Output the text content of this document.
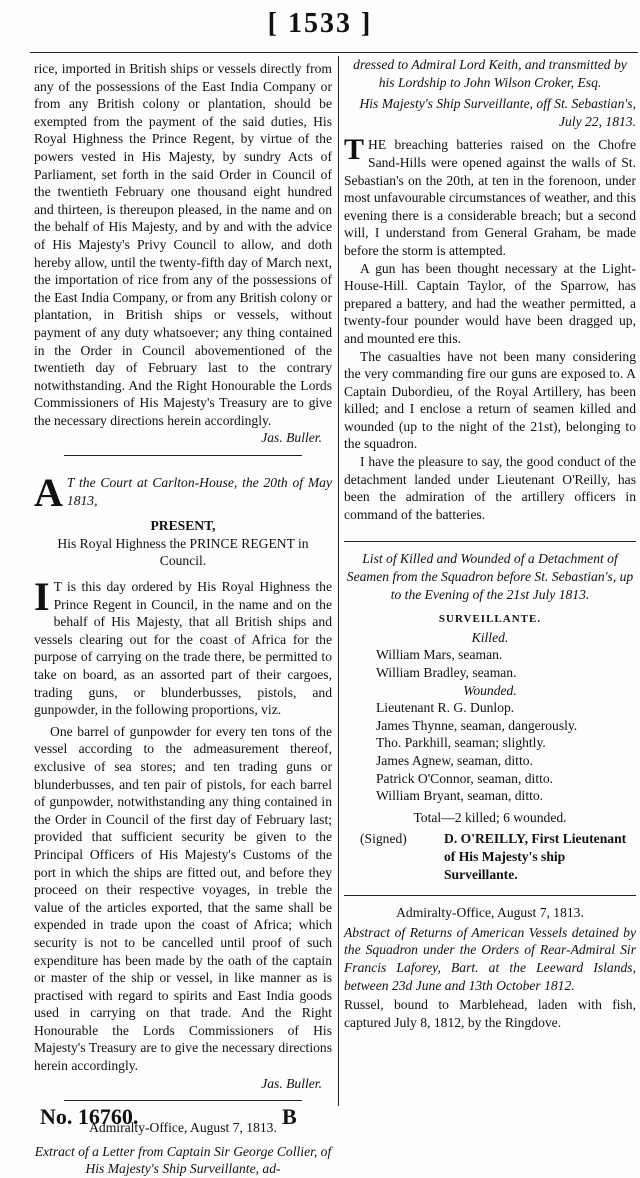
[ 1533 ]

rice, imported in British ships or vessels directly from any of the possessions of the East India Company or from any British colony or plantation, should be exempted from the payment of the said duties, His Royal Highness the Prince Regent, by virtue of the powers vested in His Majesty, by sundry Acts of Parliament, set forth in the said Order in Council of the twentieth February one thousand eight hundred and thirteen, is thereupon pleased, in the name and on the behalf of His Majesty, and by and with the advice of His Majesty's Privy Council to allow, and doth hereby allow, until the twenty-fifth day of March next, the importation of rice from any of the possessions of the East India Company, or from any British colony or plantation, in British ships or vessels, without payment of any duty whatsoever; any thing contained in the Order in Council abovementioned of the twentieth day of February last to the contrary notwithstanding. And the Right Honourable the Lords Commissioners of His Majesty's Treasury are to give the necessary directions herein accordingly.

Jas. Buller.

A T the Court at Carlton-House, the 20th of May 1813,

PRESENT,

His Royal Highness the PRINCE REGENT in Council.

I T is this day ordered by His Royal Highness the Prince Regent in Council, in the name and on the behalf of His Majesty, that all British ships and vessels clearing out for the coast of Africa for the purpose of carrying on the trade there, be permitted to take on board, as an assorted part of their cargoes, trading guns, or blunderbusses, pistols, and gunpowder, in the following proportions, viz.

One barrel of gunpowder for every ten tons of the vessel according to the admeasurement thereof, exclusive of sea stores; and ten trading guns or blunderbusses, and ten pair of pistols, for each barrel of gunpowder, notwithstanding any thing contained in the Order in Council of the first day of February last; provided that sufficient security be given to the Principal Officers of His Majesty's Customs of the port in which the ships are fitted out, and before they proceed on their respective voyages, in treble the value of the articles exported, that the same shall be expended in trade upon the coast of Africa; which security is not to be cancelled until proof of such expenditure has been made by the oath of the captain or master of the ship or vessel, in like manner as is practised with regard to spirits and East India goods used in carrying on that trade. And the Right Honourable the Lords Commissioners of His Majesty's Treasury are to give the necessary directions herein accordingly.

Jas. Buller.

Admiralty-Office, August 7, 1813.

Extract of a Letter from Captain Sir George Collier, of His Majesty's Ship Surveillante, ad-

dressed to Admiral Lord Keith, and transmitted by his Lordship to John Wilson Croker, Esq.

His Majesty's Ship Surveillante, off St. Sebastian's, July 22, 1813.

THE breaching batteries raised on the Chofre Sand-Hills were opened against the walls of St. Sebastian's on the 20th, at ten in the forenoon, under most unfavourable circumstances of weather, and this evening there is a considerable breach; but a second will, I understand from General Graham, be made before the storm is attempted.

A gun has been thought necessary at the Light-House-Hill. Captain Taylor, of the Sparrow, has prepared a battery, and had the weather permitted, a twenty-four pounder would have been dragged up, and mounted ere this.

The casualties have not been many considering the very commanding fire our guns are exposed to. A Captain Dubordieu, of the Royal Artillery, has been killed; and I enclose a return of seamen killed and wounded (up to the night of the 21st), belonging to the squadron.

I have the pleasure to say, the good conduct of the detachment landed under Lieutenant O'Reilly, has been the admiration of the artillery officers in command of the batteries.

List of Killed and Wounded of a Detachment of Seamen from the Squadron before St. Sebastian's, up to the Evening of the 21st July 1813.

SURVEILLANTE.

Killed.

William Mars, seaman.

William Bradley, seaman.

Wounded.

Lieutenant R. G. Dunlop.

James Thynne, seaman, dangerously.

Tho. Parkhill, seaman; slightly.

James Agnew, seaman, ditto.

Patrick O'Connor, seaman, ditto.

William Bryant, seaman, ditto.

Total—2 killed; 6 wounded.

(Signed)	D. O'REILLY, First Lieutenant of His Majesty's ship Surveillante.

Admiralty-Office, August 7, 1813.

Abstract of Returns of American Vessels detained by the Squadron under the Orders of Rear-Admiral Sir Francis Laforey, Bart. at the Leeward Islands, between 23d June and 13th October 1812.

Russel, bound to Marblehead, laden with fish, captured July 8, 1812, by the Ringdove.

No. 16760.	B
